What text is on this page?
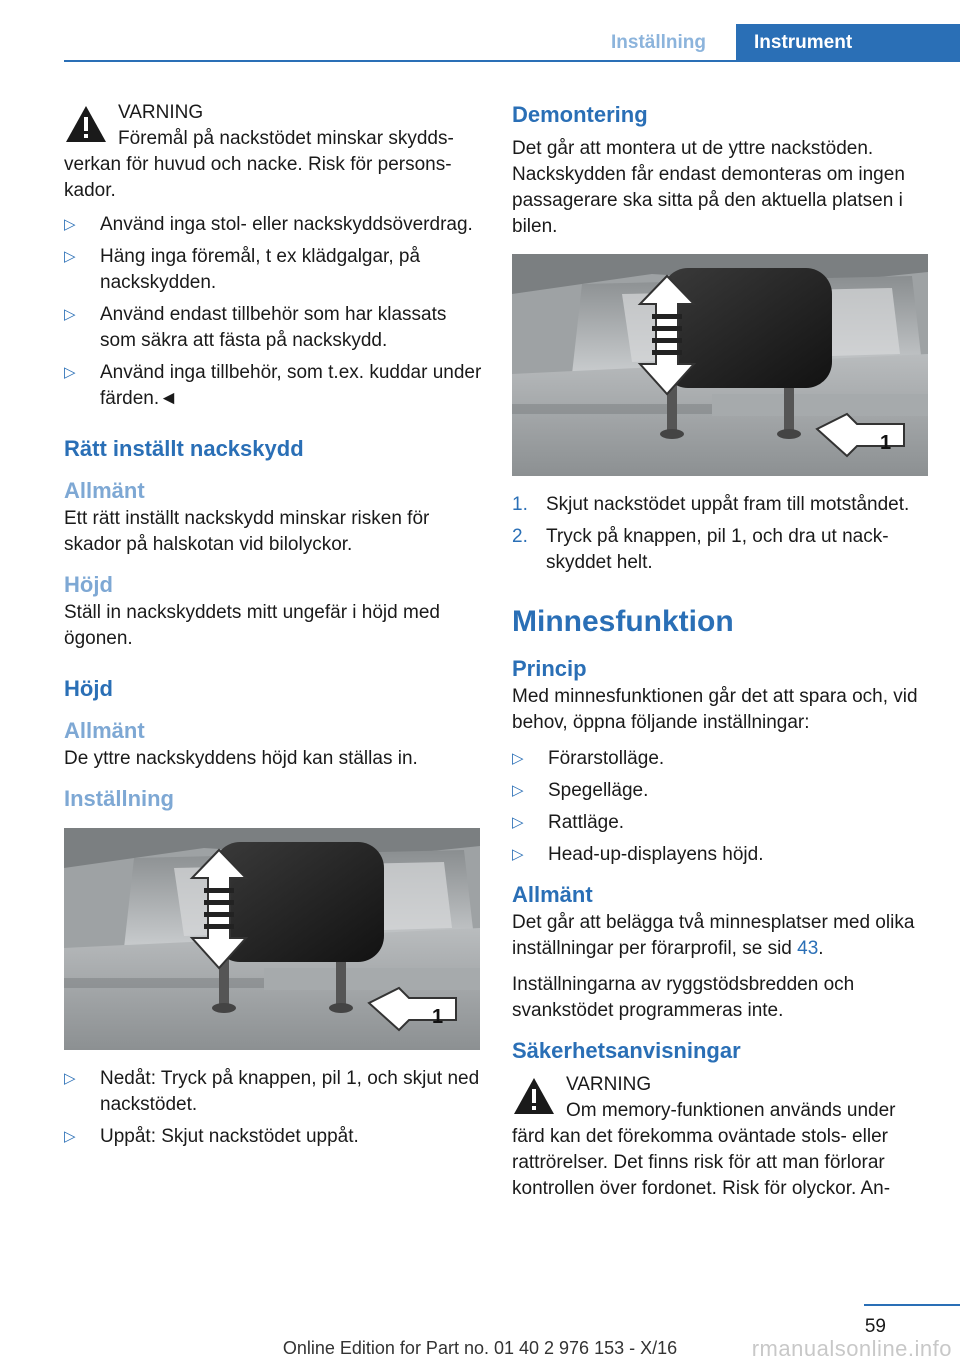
Inställning	Instrument
VARNING

Föremål på nackstödet minskar skyddsverkan för huvud och nacke. Risk för personskador.

▷ Använd inga stol- eller nackskyddsöverdrag.
▷ Häng inga föremål, t ex klädgalgar, på nackskydden.
▷ Använd endast tillbehör som har klassats som säkra att fästa på nackskydd.
▷ Använd inga tillbehör, som t.ex. kuddar under färden.◄
Rätt inställt nackskydd
Allmänt

Ett rätt inställt nackskydd minskar risken för skador på halskotan vid bilolyckor.

Höjd

Ställ in nackskyddets mitt ungefär i höjd med ögonen.

Höjd
Allmänt

De yttre nackskyddens höjd kan ställas in.

Inställning
1
▷ Nedåt: Tryck på knappen, pil 1, och skjut ned nackstödet.
▷ Uppåt: Skjut nackstödet uppåt.
Demontering

Det går att montera ut de yttre nackstöden. Nackskydden får endast demonteras om ingen passagerare ska sitta på den aktuella platsen i bilen.

1
1. Skjut nackstödet uppåt fram till motståndet.
2. Tryck på knappen, pil 1, och dra ut nackskyddet helt.
Minnesfunktion
Princip

Med minnesfunktionen går det att spara och, vid behov, öppna följande inställningar:

▷ Förarstolläge.
▷ Spegelläge.
▷ Rattläge.
▷ Head-up-displayens höjd.
Allmänt

Det går att belägga två minnesplatser med olika inställningar per förarprofil, se sid 43.

Inställningarna av ryggstödsbredden och svankstödet programmeras inte.

Säkerhetsanvisningar
VARNING

Om memory-funktionen används under färd kan det förekomma oväntade stols- eller rattrörelser. Det finns risk för att man förlorar kontrollen över fordonet. Risk för olyckor. An-

59
Online Edition for Part no. 01 40 2 976 153 - X/16	rmanualsonline.info
